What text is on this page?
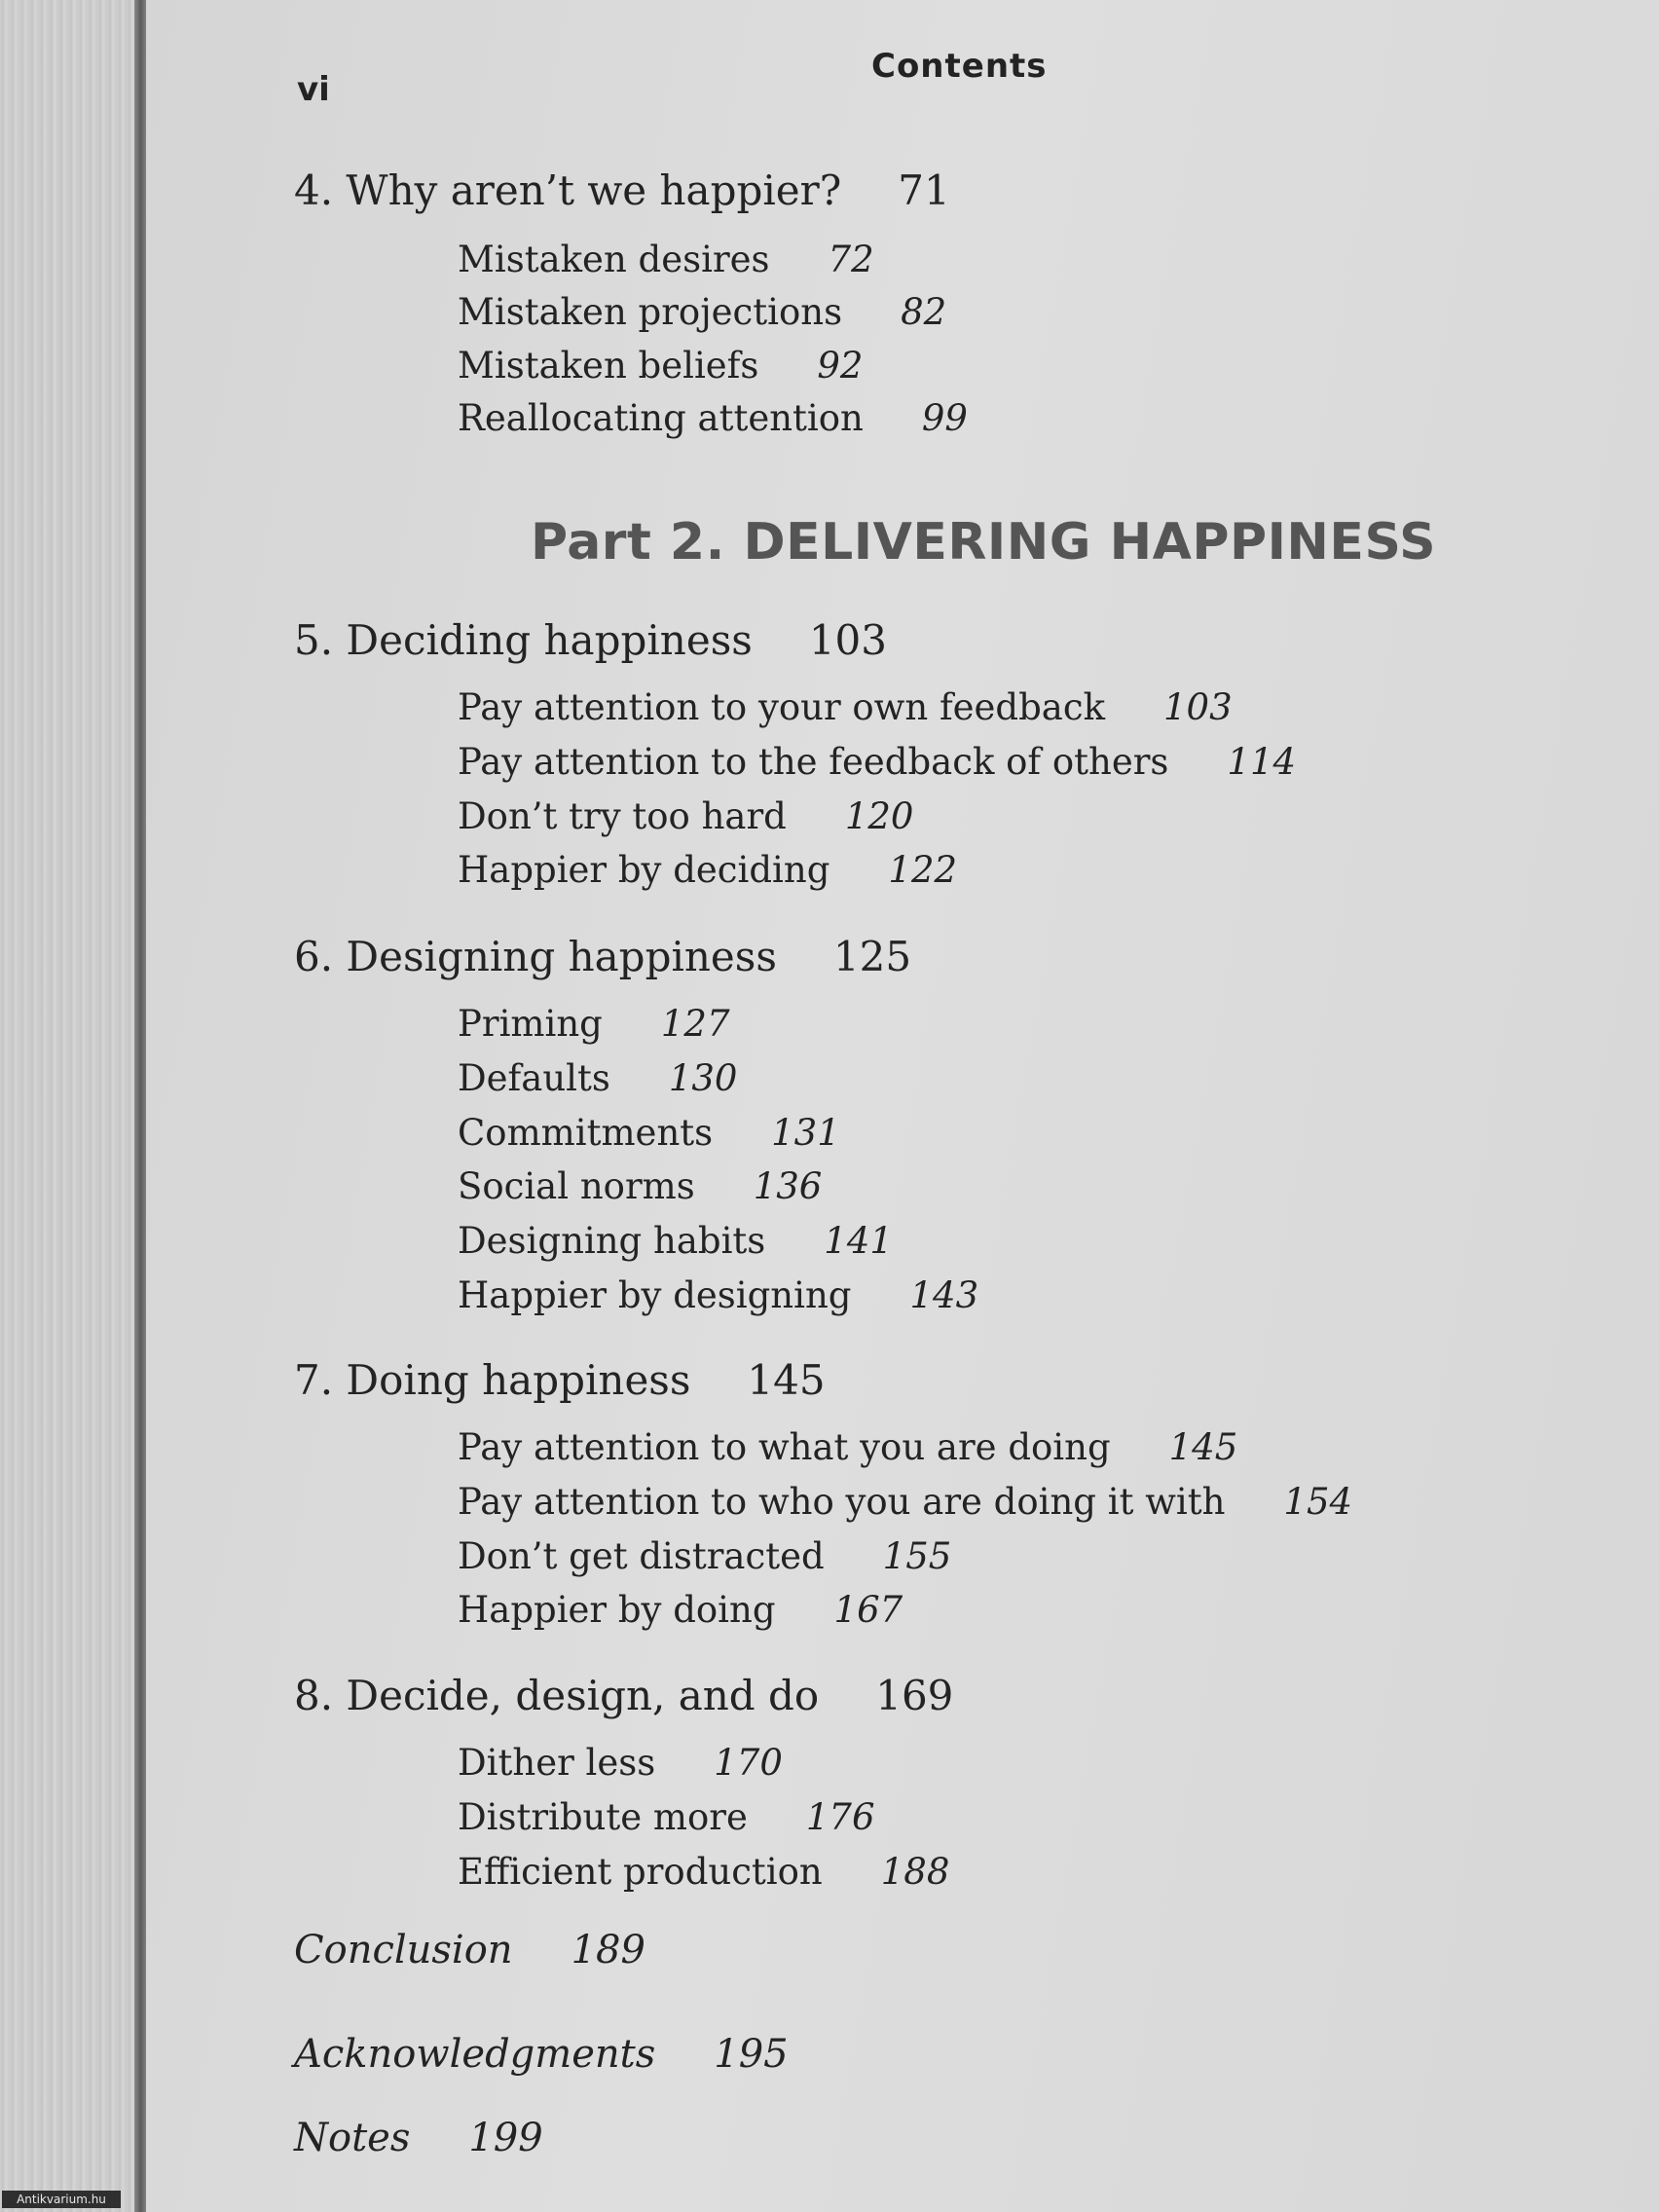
vi
Contents
4. Why aren’t we happier? 71
Mistaken desires 72
Mistaken projections 82
Mistaken beliefs 92
Reallocating attention 99
Part 2. DELIVERING HAPPINESS
5. Deciding happiness 103
Pay attention to your own feedback 103
Pay attention to the feedback of others 114
Don’t try too hard 120
Happier by deciding 122
6. Designing happiness 125
Priming 127
Defaults 130
Commitments 131
Social norms 136
Designing habits 141
Happier by designing 143
7. Doing happiness 145
Pay attention to what you are doing 145
Pay attention to who you are doing it with 154
Don’t get distracted 155
Happier by doing 167
8. Decide, design, and do 169
Dither less 170
Distribute more 176
Efficient production 188
Conclusion 189
Acknowledgments 195
Notes 199
Antikvarium.hu
